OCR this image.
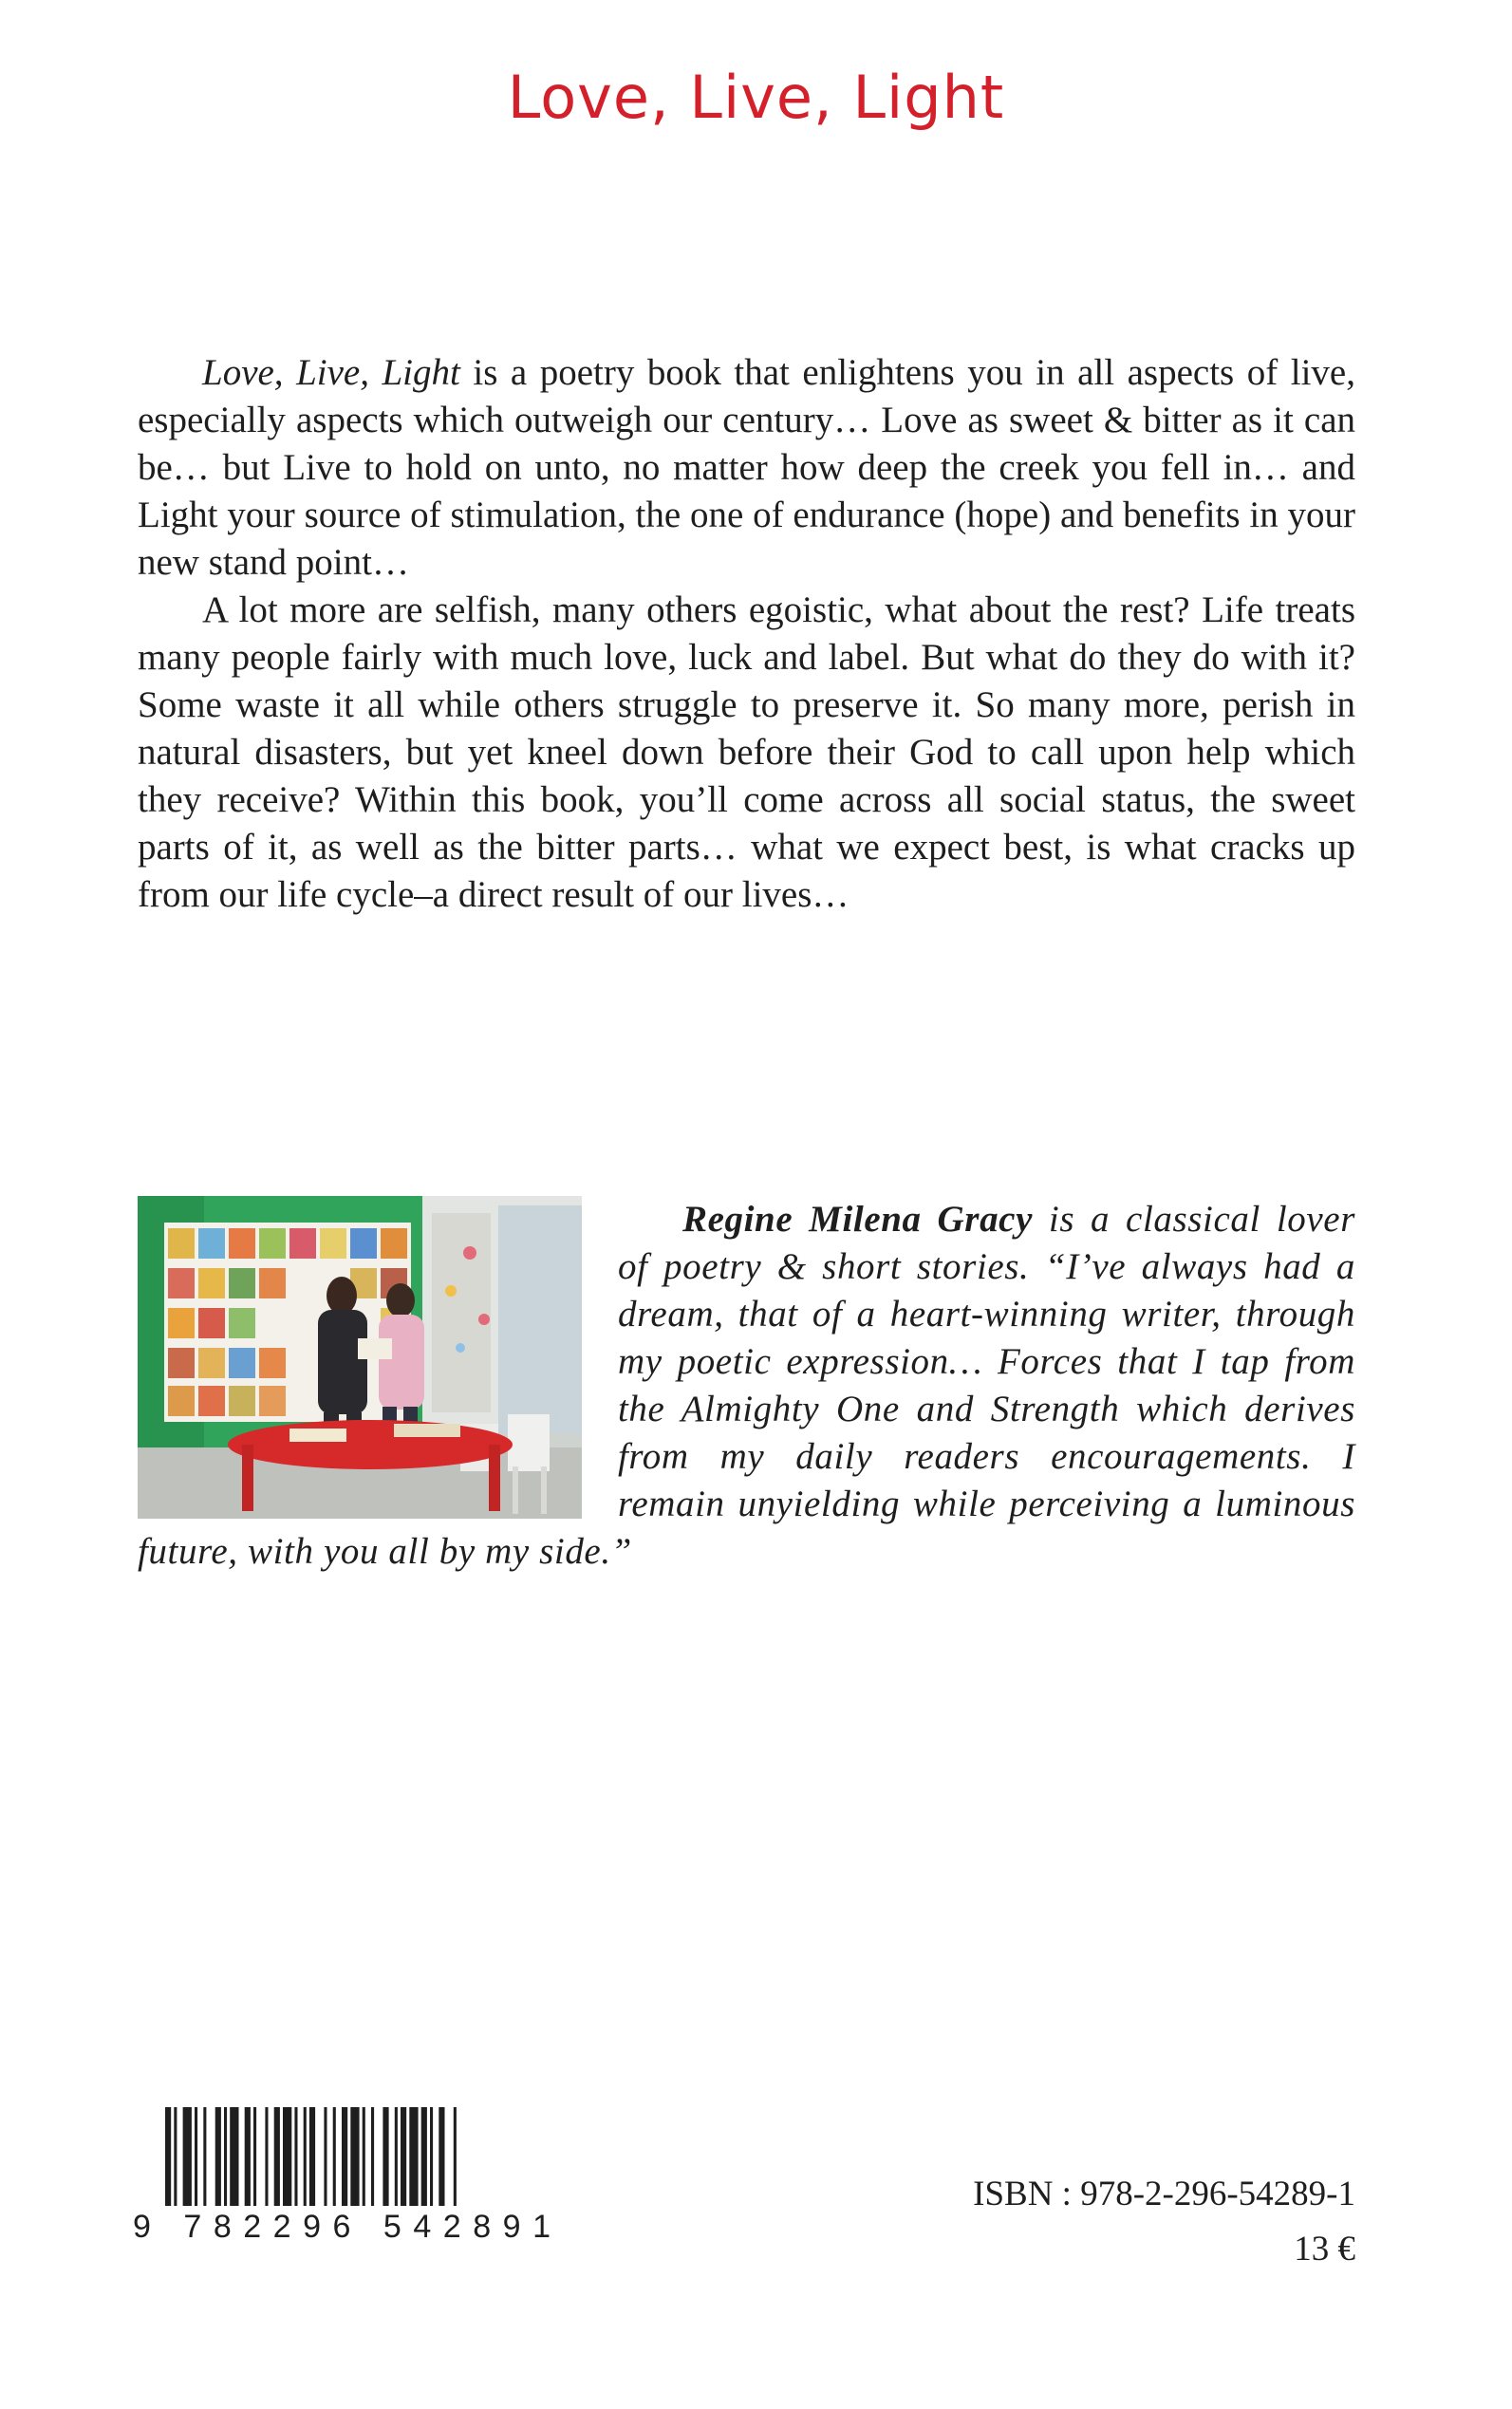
Love, Live, Light

Love, Live, Light is a poetry book that enlightens you in all aspects of live, especially aspects which outweigh our century… Love as sweet & bitter as it can be… but Live to hold on unto, no matter how deep the creek you fell in… and Light your source of stimulation, the one of endurance (hope) and benefits in your new stand point…

A lot more are selfish, many others egoistic, what about the rest? Life treats many people fairly with much love, luck and label. But what do they do with it? Some waste it all while others struggle to preserve it. So many more, perish in natural disasters, but yet kneel down before their God to call upon help which they receive? Within this book, you’ll come across all social status, the sweet parts of it, as well as the bitter parts… what we expect best, is what cracks up from our life cycle–a direct result of our lives…

Regine Milena Gracy is a classical lover of poetry & short stories. “I’ve always had a dream, that of a heart-winning writer, through my poetic expression… Forces that I tap from the Almighty One and Strength which derives from my daily readers encouragements. I remain unyielding while perceiving a luminous future, with you all by my side.”

9 782296 542891
ISBN : 978-2-296-54289-1
13 €
